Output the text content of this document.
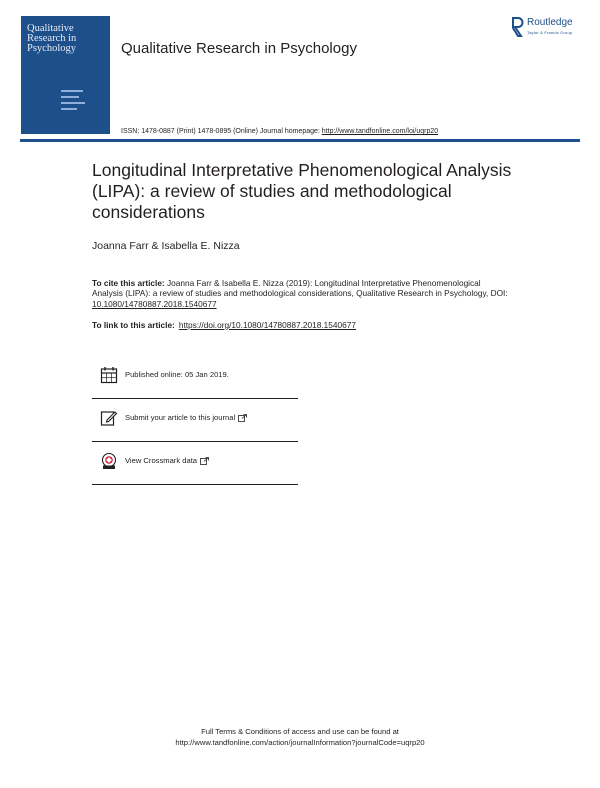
Qualitative
Research in
Psychology	Qualitative Research in Psychology
Routledge
Taylor & Francis Group
ISSN: 1478-0887 (Print) 1478-0895 (Online) Journal homepage: http://www.tandfonline.com/loi/uqrp20
Longitudinal Interpretative Phenomenological Analysis (LIPA): a review of studies and methodological considerations
Joanna Farr & Isabella E. Nizza
To cite this article: Joanna Farr & Isabella E. Nizza (2019): Longitudinal Interpretative Phenomenological Analysis (LIPA): a review of studies and methodological considerations, Qualitative Research in Psychology, DOI: 10.1080/14780887.2018.1540677
To link to this article: https://doi.org/10.1080/14780887.2018.1540677
Published online: 05 Jan 2019.
Submit your article to this journal
View Crossmark data
Full Terms & Conditions of access and use can be found at
http://www.tandfonline.com/action/journalInformation?journalCode=uqrp20
